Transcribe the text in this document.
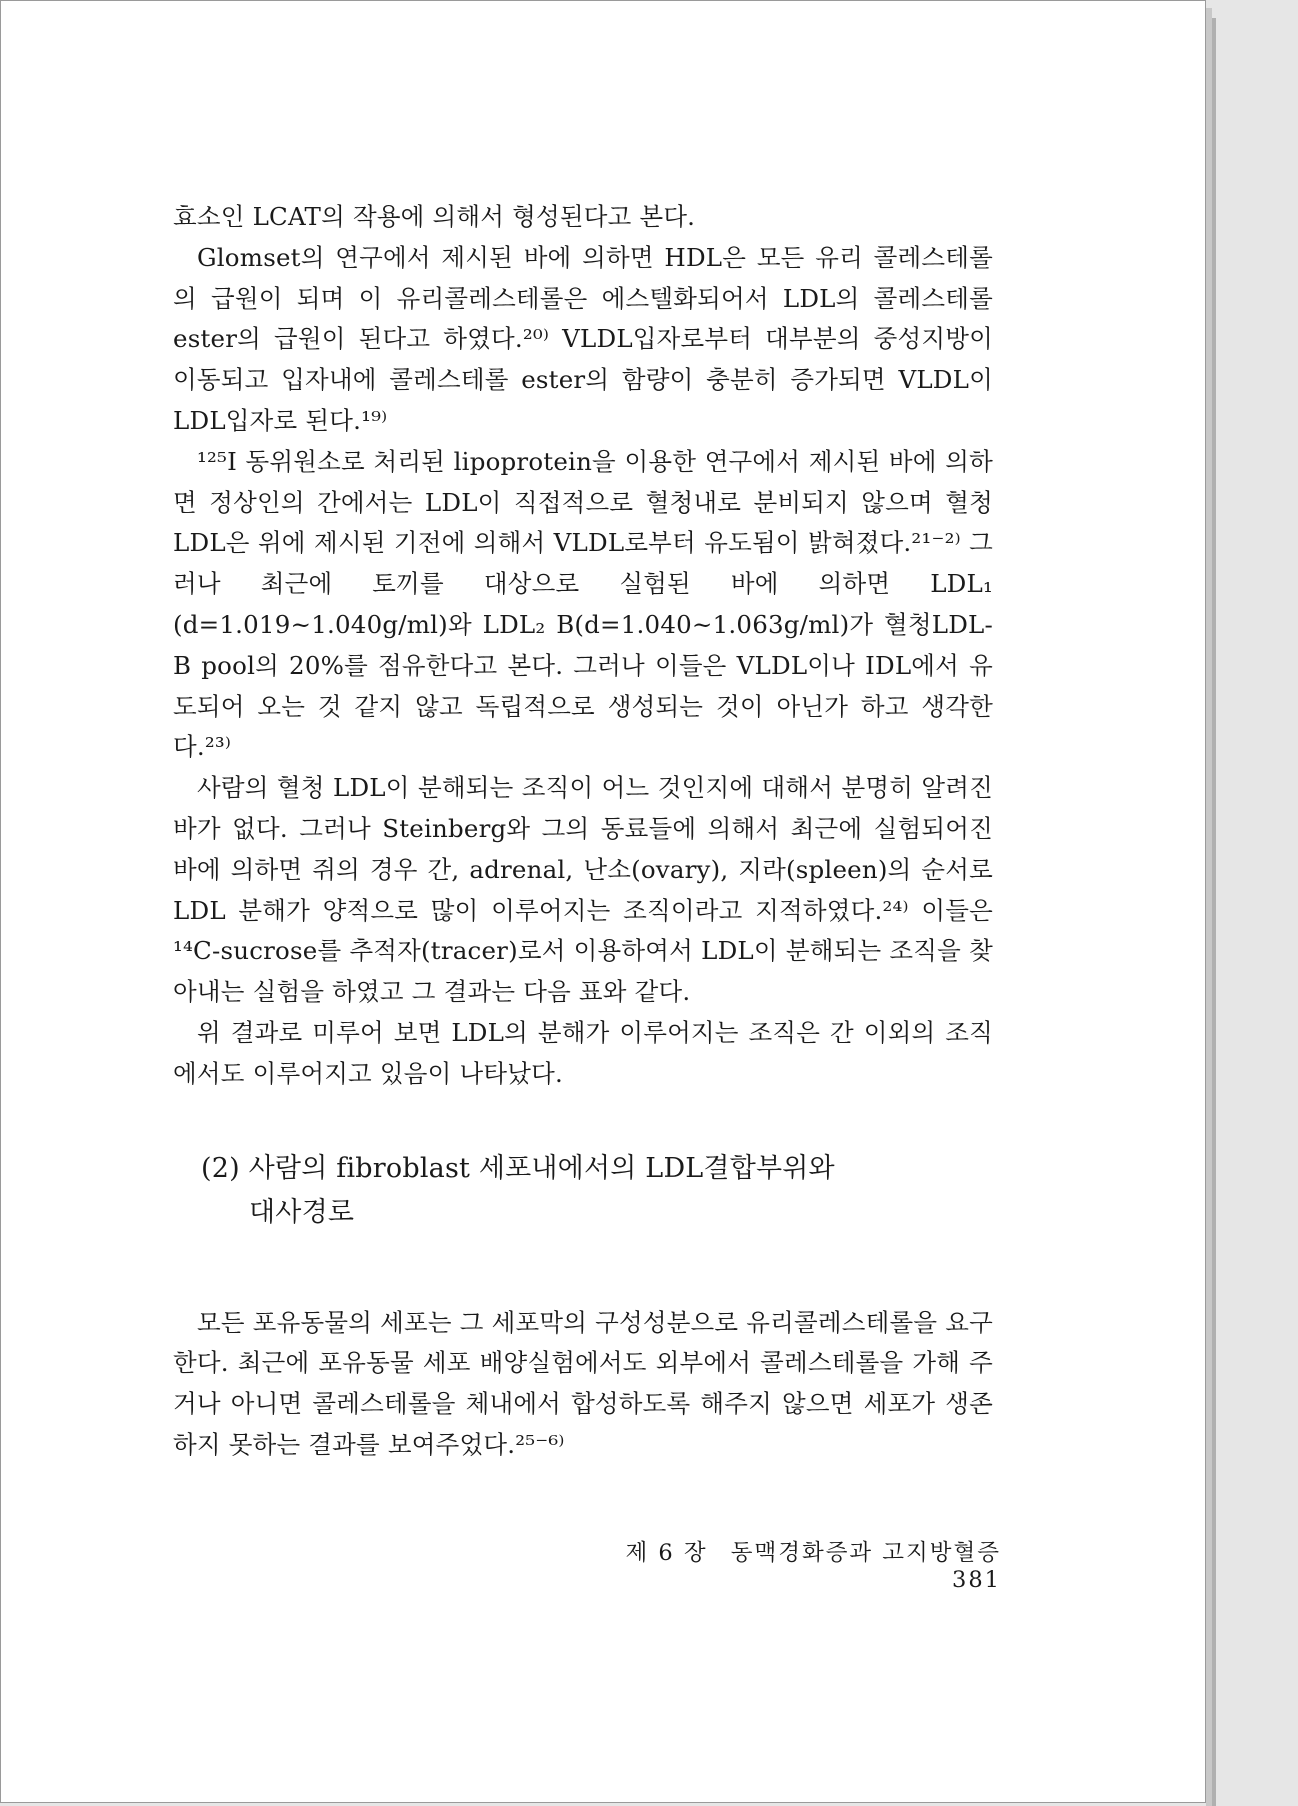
효소인 LCAT의 작용에 의해서 형성된다고 본다.

Glomset의 연구에서 제시된 바에 의하면 HDL은 모든 유리 콜레스테롤의 급원이 되며 이 유리콜레스테롤은 에스텔화되어서 LDL의 콜레스테롤 ester의 급원이 된다고 하였다.²⁰⁾ VLDL입자로부터 대부분의 중성지방이 이동되고 입자내에 콜레스테롤 ester의 함량이 충분히 증가되면 VLDL이 LDL입자로 된다.¹⁹⁾

¹²⁵I 동위원소로 처리된 lipoprotein을 이용한 연구에서 제시된 바에 의하면 정상인의 간에서는 LDL이 직접적으로 혈청내로 분비되지 않으며 혈청 LDL은 위에 제시된 기전에 의해서 VLDL로부터 유도됨이 밝혀졌다.²¹⁻²⁾ 그러나 최근에 토끼를 대상으로 실험된 바에 의하면 LDL₁ (d=1.019~1.040g/ml)와 LDL₂ B(d=1.040~1.063g/ml)가 혈청LDL-B pool의 20%를 점유한다고 본다. 그러나 이들은 VLDL이나 IDL에서 유도되어 오는 것 같지 않고 독립적으로 생성되는 것이 아닌가 하고 생각한다.²³⁾

사람의 혈청 LDL이 분해되는 조직이 어느 것인지에 대해서 분명히 알려진 바가 없다. 그러나 Steinberg와 그의 동료들에 의해서 최근에 실험되어진 바에 의하면 쥐의 경우 간, adrenal, 난소(ovary), 지라(spleen)의 순서로 LDL 분해가 양적으로 많이 이루어지는 조직이라고 지적하였다.²⁴⁾ 이들은 ¹⁴C-sucrose를 추적자(tracer)로서 이용하여서 LDL이 분해되는 조직을 찾아내는 실험을 하였고 그 결과는 다음 표와 같다.

위 결과로 미루어 보면 LDL의 분해가 이루어지는 조직은 간 이외의 조직에서도 이루어지고 있음이 나타났다.

(2) 사람의 fibroblast 세포내에서의 LDL결합부위와
대사경로

모든 포유동물의 세포는 그 세포막의 구성성분으로 유리콜레스테롤을 요구한다. 최근에 포유동물 세포 배양실험에서도 외부에서 콜레스테롤을 가해 주거나 아니면 콜레스테롤을 체내에서 합성하도록 해주지 않으면 세포가 생존하지 못하는 결과를 보여주었다.²⁵⁻⁶⁾

제 6 장 동맥경화증과 고지방혈증 381
